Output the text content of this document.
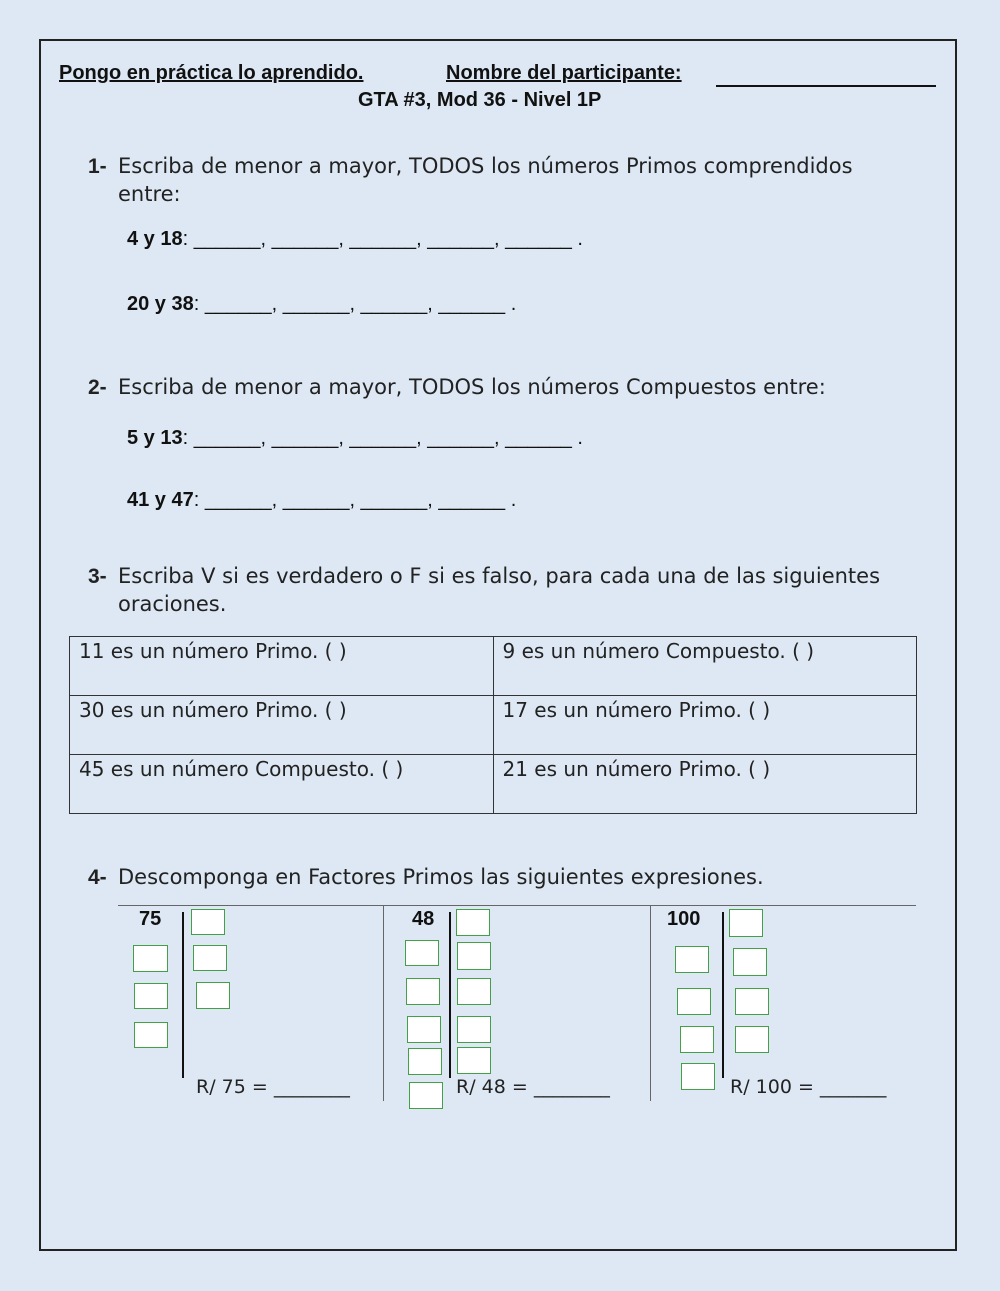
Pongo en práctica lo aprendido.	Nombre del participante:
GTA #3, Mod 36 - Nivel 1P
1- Escriba de menor a mayor, TODOS los números Primos comprendidos
entre:
4 y 18: ______, ______, ______, ______, ______ .
20 y 38: ______, ______, ______, ______ .
2- Escriba de menor a mayor, TODOS los números Compuestos entre:
5 y 13: ______, ______, ______, ______, ______ .
41 y 47: ______, ______, ______, ______ .
3- Escriba V si es verdadero o F si es falso, para cada una de las siguientes
oraciones.
11 es un número Primo. ( )	9 es un número Compuesto. ( )
30 es un número Primo. ( )	17 es un número Primo. ( )
45 es un número Compuesto. ( )	21 es un número Primo. ( )
4- Descomponga en Factores Primos las siguientes expresiones.
75
R/ 75 = ________
48
R/ 48 = ________
100
R/ 100 = _______
